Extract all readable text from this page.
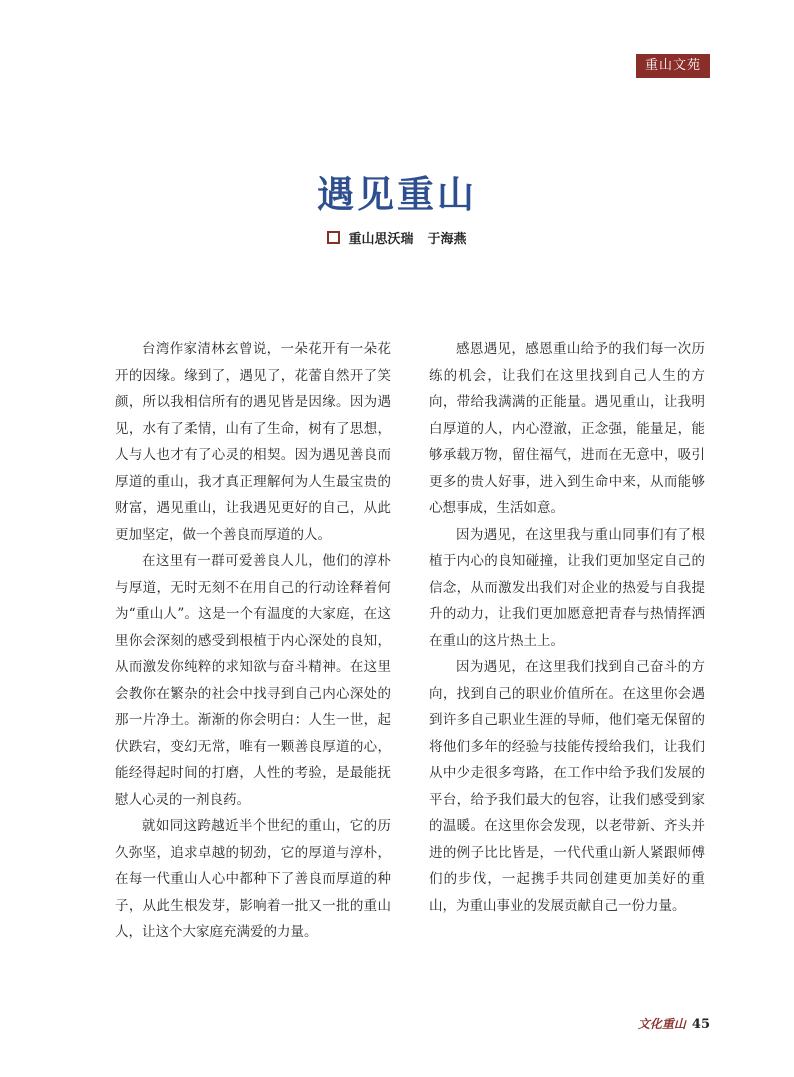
重山文苑
遇见重山
重山思沃瑞 于海燕

台湾作家清林玄曾说，一朵花开有一朵花开的因缘。缘到了，遇见了，花蕾自然开了笑颜，所以我相信所有的遇见皆是因缘。因为遇见，水有了柔情，山有了生命，树有了思想，人与人也才有了心灵的相契。因为遇见善良而厚道的重山，我才真正理解何为人生最宝贵的财富，遇见重山，让我遇见更好的自己，从此更加坚定，做一个善良而厚道的人。

在这里有一群可爱善良人儿，他们的淳朴与厚道，无时无刻不在用自己的行动诠释着何为“重山人”。这是一个有温度的大家庭，在这里你会深刻的感受到根植于内心深处的良知，从而激发你纯粹的求知欲与奋斗精神。在这里会教你在繁杂的社会中找寻到自己内心深处的那一片净土。渐渐的你会明白：人生一世，起伏跌宕，变幻无常，唯有一颗善良厚道的心，能经得起时间的打磨，人性的考验，是最能抚慰人心灵的一剂良药。

就如同这跨越近半个世纪的重山，它的历久弥坚，追求卓越的韧劲，它的厚道与淳朴，在每一代重山人心中都种下了善良而厚道的种子，从此生根发芽，影响着一批又一批的重山人，让这个大家庭充满爱的力量。

感恩遇见，感恩重山给予的我们每一次历练的机会，让我们在这里找到自己人生的方向，带给我满满的正能量。遇见重山，让我明白厚道的人，内心澄澈，正念强，能量足，能够承载万物，留住福气，进而在无意中，吸引更多的贵人好事，进入到生命中来，从而能够心想事成，生活如意。

因为遇见，在这里我与重山同事们有了根植于内心的良知碰撞，让我们更加坚定自己的信念，从而激发出我们对企业的热爱与自我提升的动力，让我们更加愿意把青春与热情挥洒在重山的这片热土上。

因为遇见，在这里我们找到自己奋斗的方向，找到自己的职业价值所在。在这里你会遇到许多自己职业生涯的导师，他们毫无保留的将他们多年的经验与技能传授给我们，让我们从中少走很多弯路，在工作中给予我们发展的平台，给予我们最大的包容，让我们感受到家的温暖。在这里你会发现，以老带新、齐头并进的例子比比皆是，一代代重山新人紧跟师傅们的步伐，一起携手共同创建更加美好的重山，为重山事业的发展贡献自己一份力量。

文化重山 45
